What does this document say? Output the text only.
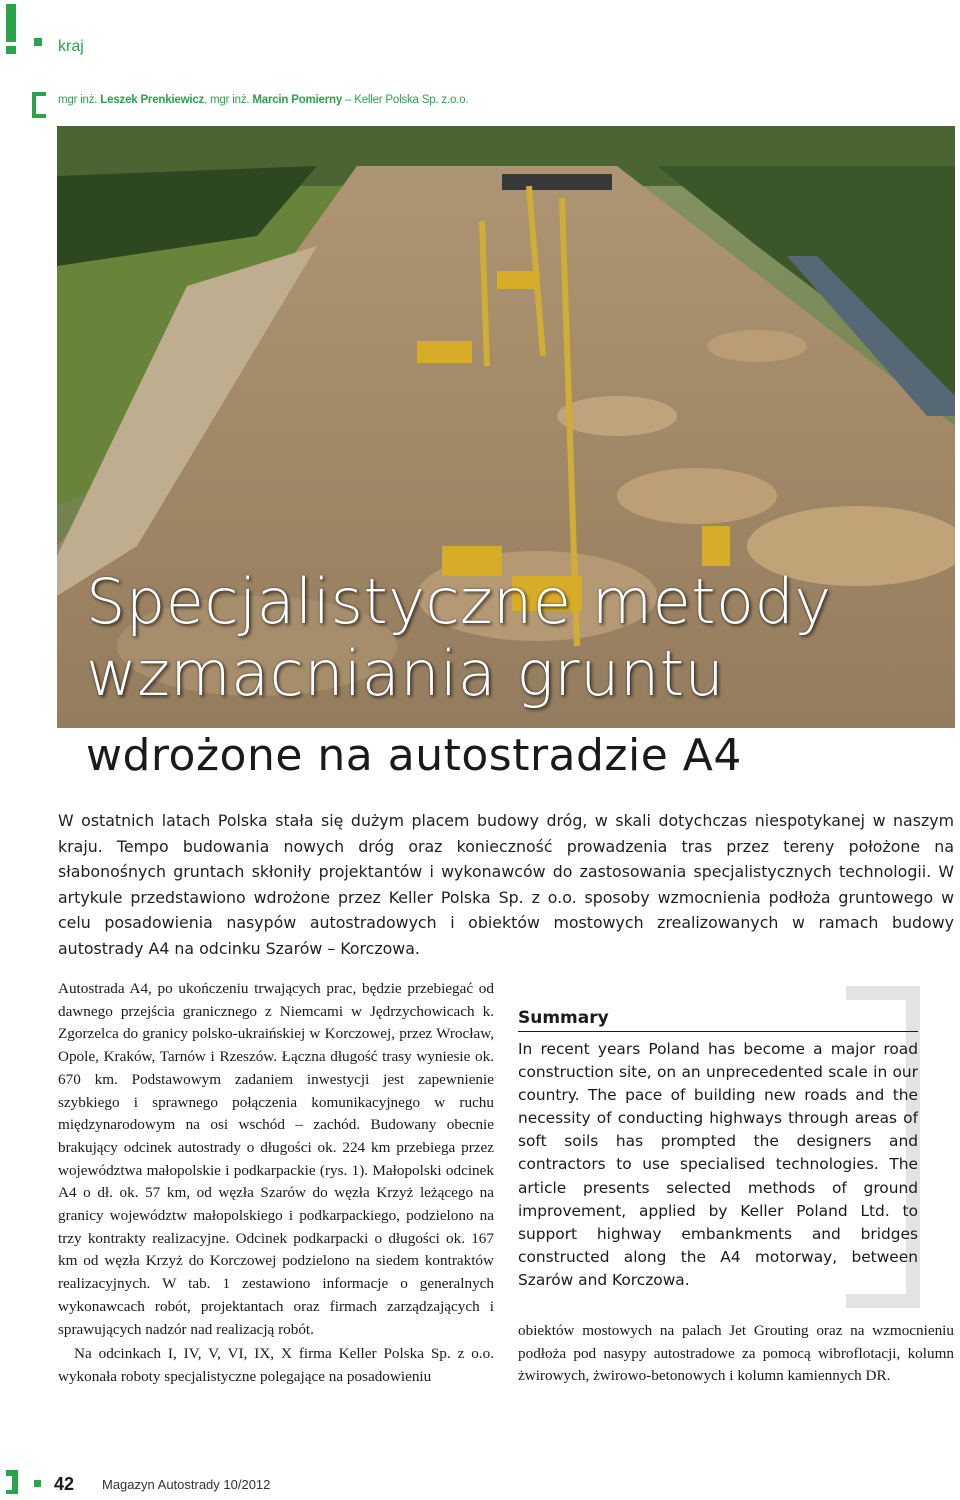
kraj
mgr inż. Leszek Prenkiewicz, mgr inż. Marcin Pomierny – Keller Polska Sp. z.o.o.
Specjalistyczne metody
wzmacniania gruntu
wdrożone na autostradzie A4
W ostatnich latach Polska stała się dużym placem budowy dróg, w skali dotychczas niespotykanej w naszym kraju. Tempo budowania nowych dróg oraz konieczność prowadzenia tras przez tereny położone na słabonośnych gruntach skłoniły projektantów i wykonawców do zastosowania specjalistycznych technologii. W artykule przedstawiono wdrożone przez Keller Polska Sp. z o.o. sposoby wzmocnienia podłoża gruntowego w celu posadowienia nasypów autostradowych i obiektów mostowych zrealizowanych w ramach budowy autostrady A4 na odcinku Szarów – Korczowa.

Autostrada A4, po ukończeniu trwających prac, będzie przebiegać od dawnego przejścia granicznego z Niemcami w Jędrzychowicach k. Zgorzelca do granicy polsko-ukraińskiej w Korczowej, przez Wrocław, Opole, Kraków, Tarnów i Rzeszów. Łączna długość trasy wyniesie ok. 670 km. Podstawowym zadaniem inwestycji jest zapewnienie szybkiego i sprawnego połączenia komunikacyjnego w ruchu międzynarodowym na osi wschód – zachód. Budowany obecnie brakujący odcinek autostrady o długości ok. 224 km przebiega przez województwa małopolskie i podkarpackie (rys. 1). Małopolski odcinek A4 o dł. ok. 57 km, od węzła Szarów do węzła Krzyż leżącego na granicy województw małopolskiego i podkarpackiego, podzielono na trzy kontrakty realizacyjne. Odcinek podkarpacki o długości ok. 167 km od węzła Krzyż do Korczowej podzielono na siedem kontraktów realizacyjnych. W tab. 1 zestawiono informacje o generalnych wykonawcach robót, projektantach oraz firmach zarządzających i sprawujących nadzór nad realizacją robót.

Na odcinkach I, IV, V, VI, IX, X firma Keller Polska Sp. z o.o. wykonała roboty specjalistyczne polegające na posadowieniu

Summary
In recent years Poland has become a major road construction site, on an unprecedented scale in our country. The pace of building new roads and the necessity of conducting highways through areas of soft soils has prompted the designers and contractors to use specialised technologies. The article presents selected methods of ground improvement, applied by Keller Poland Ltd. to support highway embankments and bridges constructed along the A4 motorway, between Szarów and Korczowa.
obiektów mostowych na palach Jet Grouting oraz na wzmocnieniu podłoża pod nasypy autostradowe za pomocą wibroflotacji, kolumn żwirowych, żwirowo-betonowych i kolumn kamiennych DR.
42 Magazyn Autostrady 10/2012
